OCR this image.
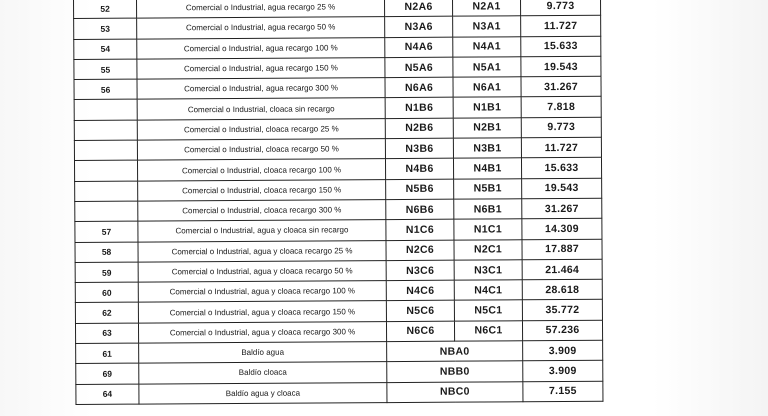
52	Comercial o Industrial, agua recargo 25 %	N2A6	N2A1	9.773
53	Comercial o Industrial, agua recargo 50 %	N3A6	N3A1	11.727
54	Comercial o Industrial, agua recargo 100 %	N4A6	N4A1	15.633
55	Comercial o Industrial, agua recargo 150 %	N5A6	N5A1	19.543
56	Comercial o Industrial, agua recargo 300 %	N6A6	N6A1	31.267
	Comercial o Industrial, cloaca sin recargo	N1B6	N1B1	7.818
	Comercial o Industrial, cloaca recargo 25 %	N2B6	N2B1	9.773
	Comercial o Industrial, cloaca recargo 50 %	N3B6	N3B1	11.727
	Comercial o Industrial, cloaca recargo 100 %	N4B6	N4B1	15.633
	Comercial o Industrial, cloaca recargo 150 %	N5B6	N5B1	19.543
	Comercial o Industrial, cloaca recargo 300 %	N6B6	N6B1	31.267
57	Comercial o Industrial, agua y cloaca sin recargo	N1C6	N1C1	14.309
58	Comercial o Industrial, agua y cloaca recargo 25 %	N2C6	N2C1	17.887
59	Comercial o Industrial, agua y cloaca recargo 50 %	N3C6	N3C1	21.464
60	Comercial o Industrial, agua y cloaca recargo 100 %	N4C6	N4C1	28.618
62	Comercial o Industrial, agua y cloaca recargo 150 %	N5C6	N5C1	35.772
63	Comercial o Industrial, agua y cloaca recargo 300 %	N6C6	N6C1	57.236
61	Baldío agua	NBA0		3.909
69	Baldío cloaca	NBB0		3.909
64	Baldío agua y cloaca	NBC0		7.155
